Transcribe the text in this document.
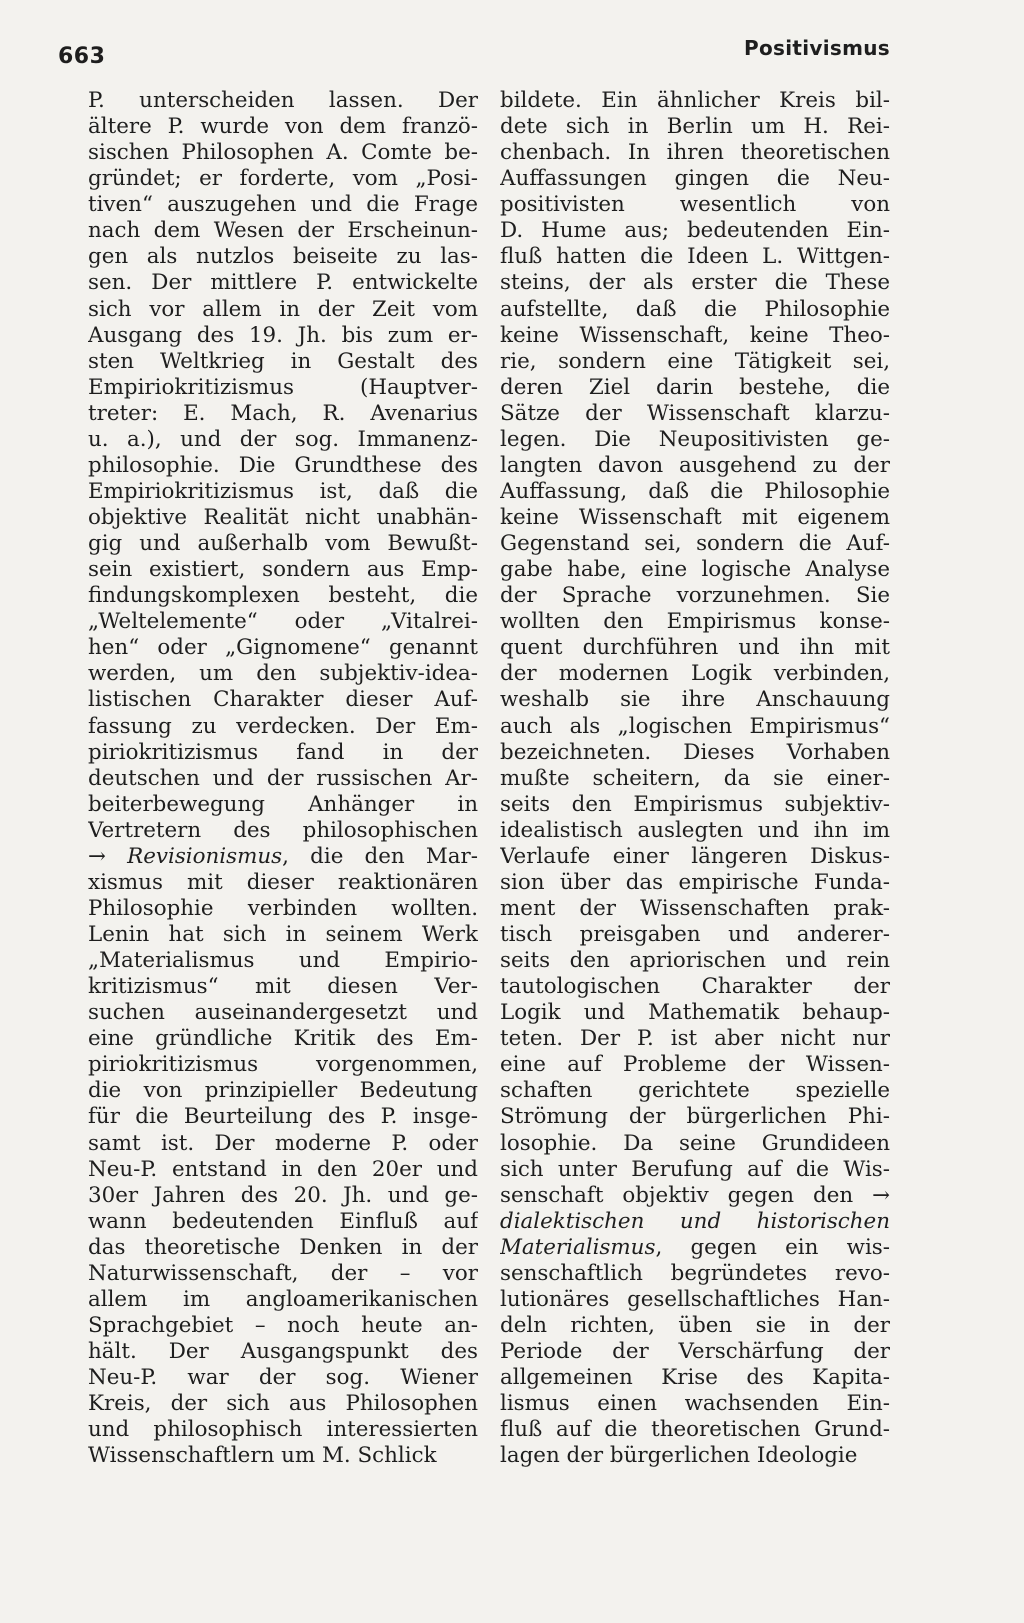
663	Positivismus
P. unterscheiden lassen. Der
ältere P. wurde von dem franzö-
sischen Philosophen A. Comte be-
gründet; er forderte, vom „Posi-
tiven“ auszugehen und die Frage
nach dem Wesen der Erscheinun-
gen als nutzlos beiseite zu las-
sen. Der mittlere P. entwickelte
sich vor allem in der Zeit vom
Ausgang des 19. Jh. bis zum er-
sten Weltkrieg in Gestalt des
Empiriokritizismus (Hauptver-
treter: E. Mach, R. Avenarius
u. a.), und der sog. Immanenz-
philosophie. Die Grundthese des
Empiriokritizismus ist, daß die
objektive Realität nicht unabhän-
gig und außerhalb vom Bewußt-
sein existiert, sondern aus Emp-
findungskomplexen besteht, die
„Weltelemente“ oder „Vitalrei-
hen“ oder „Gignomene“ genannt
werden, um den subjektiv-idea-
listischen Charakter dieser Auf-
fassung zu verdecken. Der Em-
piriokritizismus fand in der
deutschen und der russischen Ar-
beiterbewegung Anhänger in
Vertretern des philosophischen
→ Revisionismus, die den Mar-
xismus mit dieser reaktionären
Philosophie verbinden wollten.
Lenin hat sich in seinem Werk
„Materialismus und Empirio-
kritizismus“ mit diesen Ver-
suchen auseinandergesetzt und
eine gründliche Kritik des Em-
piriokritizismus vorgenommen,
die von prinzipieller Bedeutung
für die Beurteilung des P. insge-
samt ist. Der moderne P. oder
Neu-P. entstand in den 20er und
30er Jahren des 20. Jh. und ge-
wann bedeutenden Einfluß auf
das theoretische Denken in der
Naturwissenschaft, der – vor
allem im angloamerikanischen
Sprachgebiet – noch heute an-
hält. Der Ausgangspunkt des
Neu-P. war der sog. Wiener
Kreis, der sich aus Philosophen
und philosophisch interessierten
Wissenschaftlern um M. Schlick
bildete. Ein ähnlicher Kreis bil-
dete sich in Berlin um H. Rei-
chenbach. In ihren theoretischen
Auffassungen gingen die Neu-
positivisten wesentlich von
D. Hume aus; bedeutenden Ein-
fluß hatten die Ideen L. Wittgen-
steins, der als erster die These
aufstellte, daß die Philosophie
keine Wissenschaft, keine Theo-
rie, sondern eine Tätigkeit sei,
deren Ziel darin bestehe, die
Sätze der Wissenschaft klarzu-
legen. Die Neupositivisten ge-
langten davon ausgehend zu der
Auffassung, daß die Philosophie
keine Wissenschaft mit eigenem
Gegenstand sei, sondern die Auf-
gabe habe, eine logische Analyse
der Sprache vorzunehmen. Sie
wollten den Empirismus konse-
quent durchführen und ihn mit
der modernen Logik verbinden,
weshalb sie ihre Anschauung
auch als „logischen Empirismus“
bezeichneten. Dieses Vorhaben
mußte scheitern, da sie einer-
seits den Empirismus subjektiv-
idealistisch auslegten und ihn im
Verlaufe einer längeren Diskus-
sion über das empirische Funda-
ment der Wissenschaften prak-
tisch preisgaben und anderer-
seits den apriorischen und rein
tautologischen Charakter der
Logik und Mathematik behaup-
teten. Der P. ist aber nicht nur
eine auf Probleme der Wissen-
schaften gerichtete spezielle
Strömung der bürgerlichen Phi-
losophie. Da seine Grundideen
sich unter Berufung auf die Wis-
senschaft objektiv gegen den →
dialektischen und historischen
Materialismus, gegen ein wis-
senschaftlich begründetes revo-
lutionäres gesellschaftliches Han-
deln richten, üben sie in der
Periode der Verschärfung der
allgemeinen Krise des Kapita-
lismus einen wachsenden Ein-
fluß auf die theoretischen Grund-
lagen der bürgerlichen Ideologie
